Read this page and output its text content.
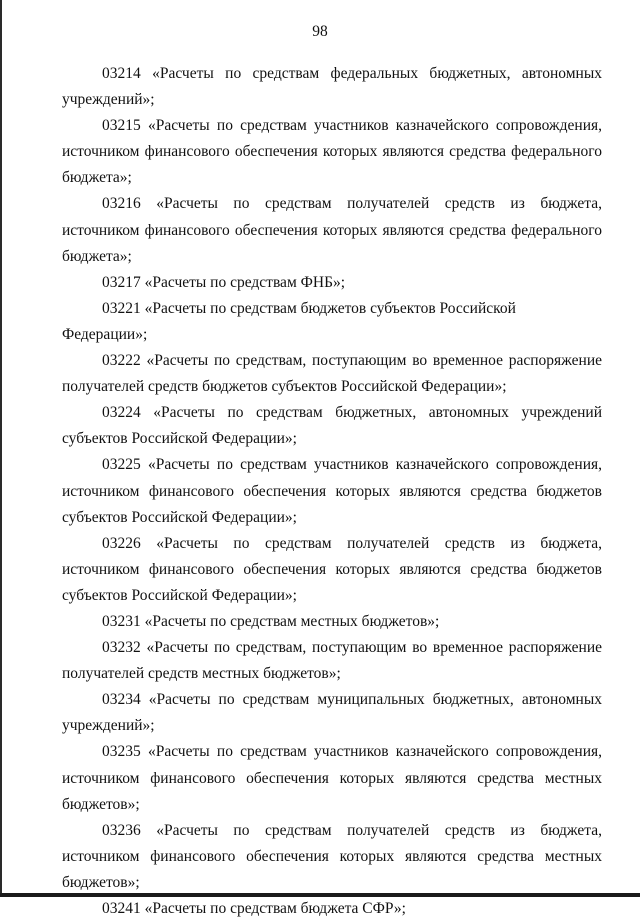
98

03214 «Расчеты по средствам федеральных бюджетных, автономных учреждений»;

03215 «Расчеты по средствам участников казначейского сопровождения, источником финансового обеспечения которых являются средства федерального бюджета»;

03216 «Расчеты по средствам получателей средств из бюджета, источником финансового обеспечения которых являются средства федерального бюджета»;

03217 «Расчеты по средствам ФНБ»;

03221 «Расчеты по средствам бюджетов субъектов Российской Федерации»;

03222 «Расчеты по средствам, поступающим во временное распоряжение получателей средств бюджетов субъектов Российской Федерации»;

03224 «Расчеты по средствам бюджетных, автономных учреждений субъектов Российской Федерации»;

03225 «Расчеты по средствам участников казначейского сопровождения, источником финансового обеспечения которых являются средства бюджетов субъектов Российской Федерации»;

03226 «Расчеты по средствам получателей средств из бюджета, источником финансового обеспечения которых являются средства бюджетов субъектов Российской Федерации»;

03231 «Расчеты по средствам местных бюджетов»;

03232 «Расчеты по средствам, поступающим во временное распоряжение получателей средств местных бюджетов»;

03234 «Расчеты по средствам муниципальных бюджетных, автономных учреждений»;

03235 «Расчеты по средствам участников казначейского сопровождения, источником финансового обеспечения которых являются средства местных бюджетов»;

03236 «Расчеты по средствам получателей средств из бюджета, источником финансового обеспечения которых являются средства местных бюджетов»;

03241 «Расчеты по средствам бюджета СФР»;
